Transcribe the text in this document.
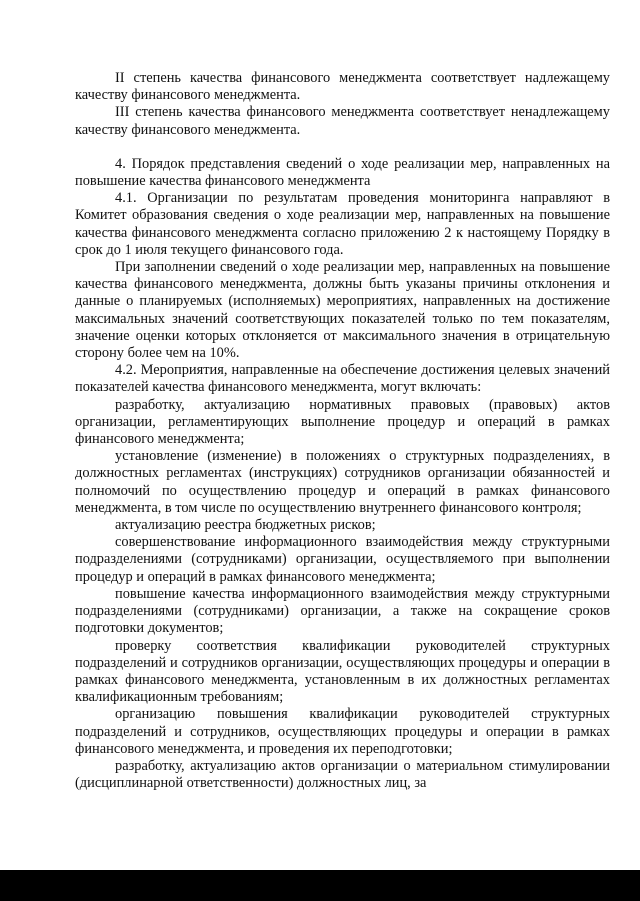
II степень качества финансового менеджмента соответствует надлежащему качеству финансового менеджмента.

III степень качества финансового менеджмента соответствует ненадлежащему качеству финансового менеджмента.

4. Порядок представления сведений о ходе реализации мер, направленных на повышение качества финансового менеджмента

4.1. Организации по результатам проведения мониторинга направляют в Комитет образования сведения о ходе реализации мер, направленных на повышение качества финансового менеджмента согласно приложению 2 к настоящему Порядку в срок до 1 июля текущего финансового года.

При заполнении сведений о ходе реализации мер, направленных на повышение качества финансового менеджмента, должны быть указаны причины отклонения и данные о планируемых (исполняемых) мероприятиях, направленных на достижение максимальных значений соответствующих показателей только по тем показателям, значение оценки которых отклоняется от максимального значения в отрицательную сторону более чем на 10%.

4.2. Мероприятия, направленные на обеспечение достижения целевых значений показателей качества финансового менеджмента, могут включать:

разработку, актуализацию нормативных правовых (правовых) актов организации, регламентирующих выполнение процедур и операций в рамках финансового менеджмента;

установление (изменение) в положениях о структурных подразделениях, в должностных регламентах (инструкциях) сотрудников организации обязанностей и полномочий по осуществлению процедур и операций в рамках финансового менеджмента, в том числе по осуществлению внутреннего финансового контроля;

актуализацию реестра бюджетных рисков;

совершенствование информационного взаимодействия между структурными подразделениями (сотрудниками) организации, осуществляемого при выполнении процедур и операций в рамках финансового менеджмента;

повышение качества информационного взаимодействия между структурными подразделениями (сотрудниками) организации, а также на сокращение сроков подготовки документов;

проверку соответствия квалификации руководителей структурных подразделений и сотрудников организации, осуществляющих процедуры и операции в рамках финансового менеджмента, установленным в их должностных регламентах квалификационным требованиям;

организацию повышения квалификации руководителей структурных подразделений и сотрудников, осуществляющих процедуры и операции в рамках финансового менеджмента, и проведения их переподготовки;

разработку, актуализацию актов организации о материальном стимулировании (дисциплинарной ответственности) должностных лиц, за
